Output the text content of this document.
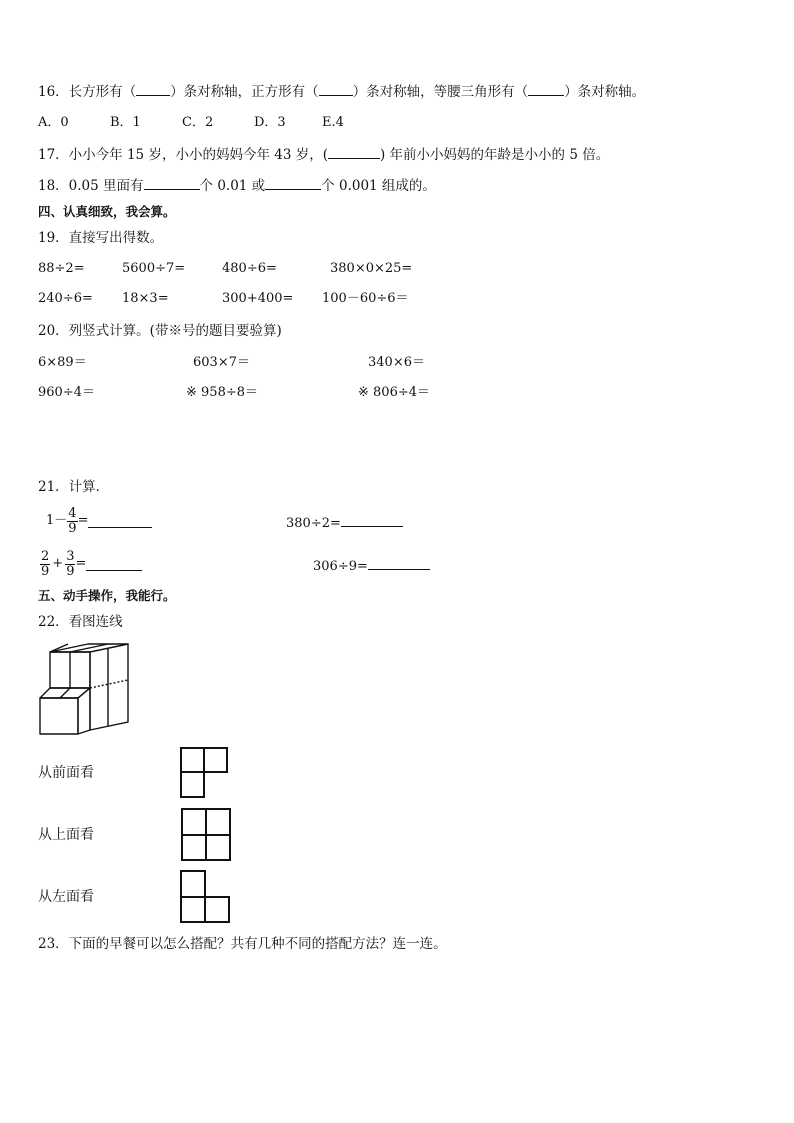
16．长方形有（	）条对称轴，正方形有（	）条对称轴，等腰三角形有（	）条对称轴。
A．0	B．1	C．2	D．3	E.4
17．小小今年 15 岁，小小的妈妈今年 43 岁，(	) 年前小小妈妈的年龄是小小的 5 倍。
18．0.05 里面有	个 0.01 或	个 0.001 组成的。
四、认真细致，我会算。
19．直接写出得数。
88÷2=	5600÷7=	480÷6=	380×0×25=
240÷6= 18×3=	300+400= 100－60÷6＝
20．列竖式计算。(带※号的题目要验算)
6×89＝	603×7＝	340×6＝
960÷4＝	※ 958÷8＝	※ 806÷4＝
21．计算．
$1- \frac{4}{9}$ =	380÷2=
$\frac{2}{9} + \frac{3}{9}$ =	306÷9=
五、动手操作，我能行。
22．看图连线
从前面看
从上面看
从左面看
23．下面的早餐可以怎么搭配？共有几种不同的搭配方法？连一连。
